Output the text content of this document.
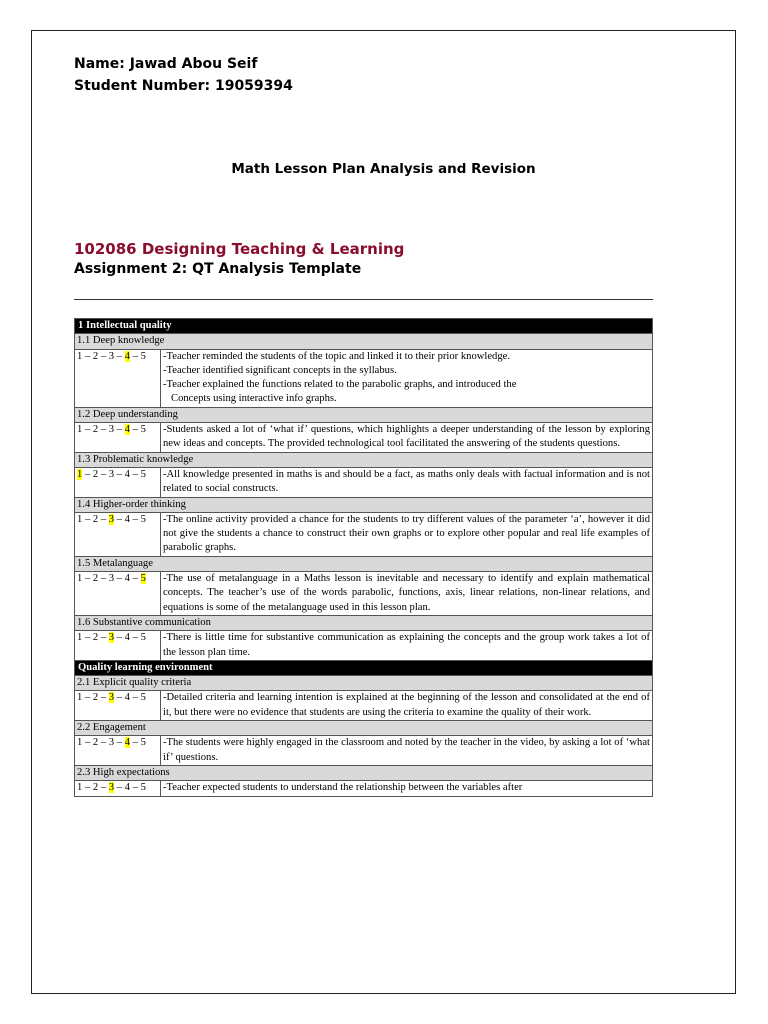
Name: Jawad Abou Seif
Student Number: 19059394
Math Lesson Plan Analysis and Revision
102086 Designing Teaching & Learning
Assignment 2: QT Analysis Template
1 Intellectual quality	
1.1 Deep knowledge	
1 – 2 – 3 – 4 – 5	-Teacher reminded the students of the topic and linked it to their prior knowledge.
-Teacher identified significant concepts in the syllabus.
-Teacher explained the functions related to the parabolic graphs, and introduced the
Concepts using interactive info graphs.

1.2 Deep understanding	
1 – 2 – 3 – 4 – 5	-Students asked a lot of ‘what if’ questions, which highlights a deeper understanding of the lesson by exploring new ideas and concepts. The provided technological tool facilitated the answering of the students questions.
1.3 Problematic knowledge	
1 – 2 – 3 – 4 – 5	-All knowledge presented in maths is and should be a fact, as maths only deals with factual information and is not related to social constructs.
1.4 Higher-order thinking	
1 – 2 – 3 – 4 – 5	-The online activity provided a chance for the students to try different values of the parameter ‘a’, however it did not give the students a chance to construct their own graphs or to explore other popular and real life examples of parabolic graphs.
1.5 Metalanguage	
1 – 2 – 3 – 4 – 5	-The use of metalanguage in a Maths lesson is inevitable and necessary to identify and explain mathematical concepts. The teacher’s use of the words parabolic, functions, axis, linear relations, non-linear relations, and equations is some of the metalanguage used in this lesson plan.
1.6 Substantive communication	
1 – 2 – 3 – 4 – 5	-There is little time for substantive communication as explaining the concepts and the group work takes a lot of the lesson plan time.
Quality learning environment	
2.1 Explicit quality criteria	
1 – 2 – 3 – 4 – 5	-Detailed criteria and learning intention is explained at the beginning of the lesson and consolidated at the end of it, but there were no evidence that students are using the criteria to examine the quality of their work.
2.2 Engagement	
1 – 2 – 3 – 4 – 5	-The students were highly engaged in the classroom and noted by the teacher in the video, by asking a lot of ‘what if’ questions.
2.3 High expectations	
1 – 2 – 3 – 4 – 5	-Teacher expected students to understand the relationship between the variables after
